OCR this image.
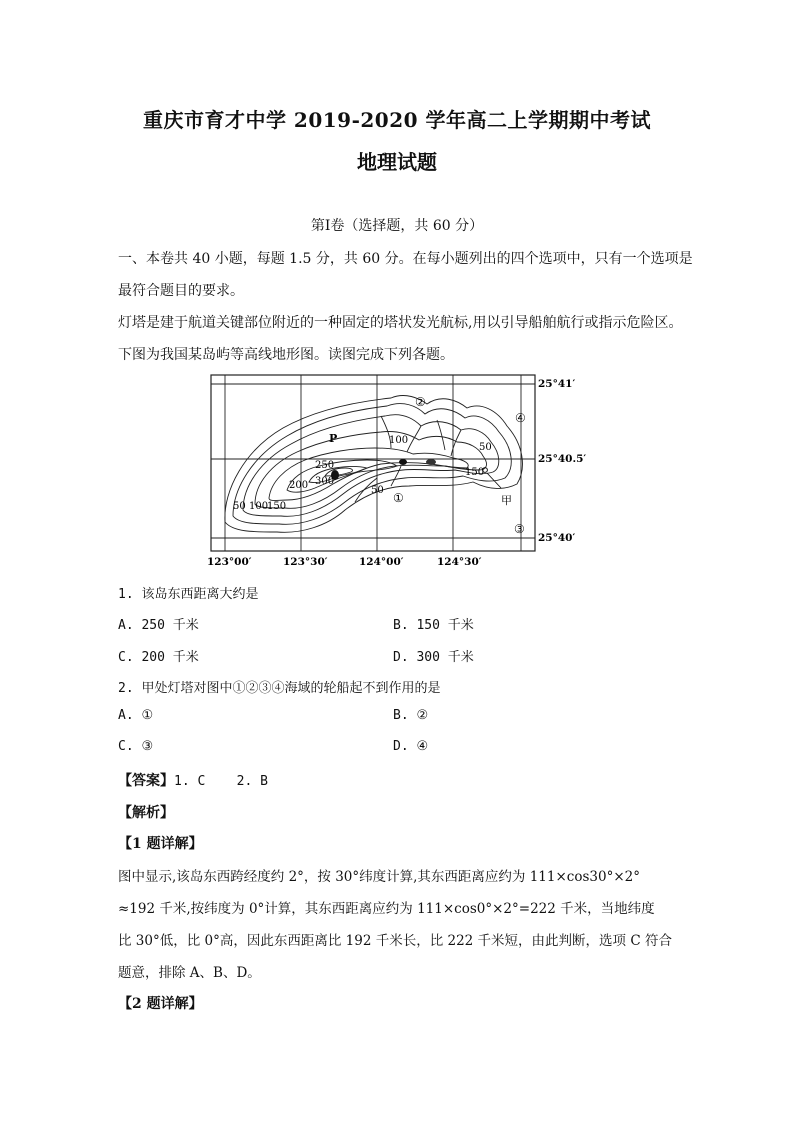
重庆市育才中学 2019-2020 学年高二上学期期中考试
地理试题
第Ⅰ卷（选择题，共 60 分）
一、本卷共 40 小题，每题 1.5 分，共 60 分。在每小题列出的四个选项中，只有一个选项是
最符合题目的要求。
灯塔是建于航道关键部位附近的一种固定的塔状发光航标,用以引导船舶航行或指示危险区。
下图为我国某岛屿等高线地形图。读图完成下列各题。
50 100
150
200
250
300
50
100
50
150
P
甲
①
②
③
④
25°41′
25°40.5′
25°40′
123°00′	123°30′	124°00′	124°30′
1. 该岛东西距离大约是
A. 250 千米	B. 150 千米
C. 200 千米	D. 300 千米
2. 甲处灯塔对图中①②③④海域的轮船起不到作用的是
A. ①	B. ②
C. ③	D. ④
【答案】1. C    2. B
【解析】
【1 题详解】
图中显示,该岛东西跨经度约 2°，按 30°纬度计算,其东西距离应约为 111×cos30°×2°
≈192 千米,按纬度为 0°计算，其东西距离应约为 111×cos0°×2°=222 千米，当地纬度
比 30°低，比 0°高，因此东西距离比 192 千米长，比 222 千米短，由此判断，选项 C 符合
题意，排除 A、B、D。
【2 题详解】
